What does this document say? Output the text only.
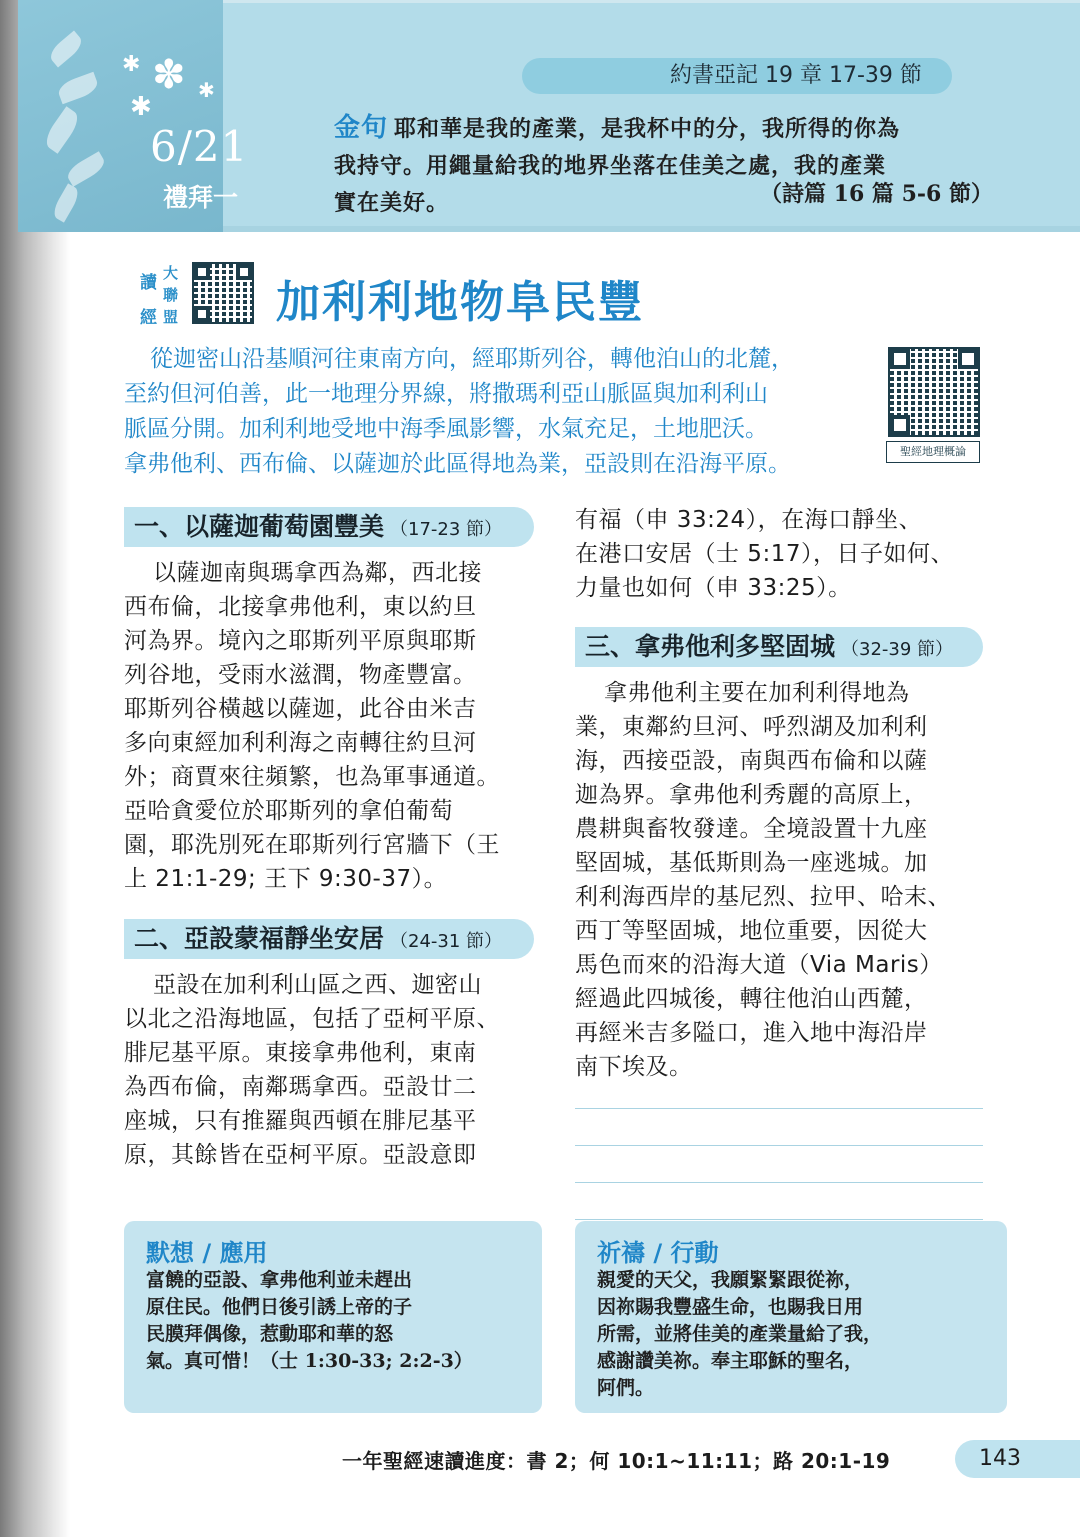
✽
✱
✱
✱
6/21
禮拜一
約書亞記 19 章 17-39 節
金句 耶和華是我的產業，是我杯中的分，我所得的你為
我持守。用繩量給我的地界坐落在佳美之處，我的產業
實在美好。	（詩篇 16 篇 5-6 節）
讀 大
聯
經 盟 加利利地物阜民豐
從迦密山沿基順河往東南方向，經耶斯列谷，轉他泊山的北麓，
至約但河伯善，此一地理分界線，將撒瑪利亞山脈區與加利利山
脈區分開。加利利地受地中海季風影響，水氣充足，土地肥沃。
拿弗他利、西布倫、以薩迦於此區得地為業，亞設則在沿海平原。	聖經地理概論
一、以薩迦葡萄園豐美 （17-23 節）
以薩迦南與瑪拿西為鄰，西北接
西布倫，北接拿弗他利，東以約旦
河為界。境內之耶斯列平原與耶斯
列谷地，受雨水滋潤，物產豐富。
耶斯列谷橫越以薩迦，此谷由米吉
多向東經加利利海之南轉往約旦河
外；商賈來往頻繁，也為軍事通道。
亞哈貪愛位於耶斯列的拿伯葡萄
園，耶洗別死在耶斯列行宮牆下（王
上 21:1-29; 王下 9:30-37）。
二、亞設蒙福靜坐安居 （24-31 節）
亞設在加利利山區之西、迦密山
以北之沿海地區，包括了亞柯平原、
腓尼基平原。東接拿弗他利，東南
為西布倫，南鄰瑪拿西。亞設廿二
座城，只有推羅與西頓在腓尼基平
原，其餘皆在亞柯平原。亞設意即
有福（申 33:24），在海口靜坐、
在港口安居（士 5:17），日子如何、
力量也如何（申 33:25）。
三、拿弗他利多堅固城 （32-39 節）
拿弗他利主要在加利利得地為
業，東鄰約旦河、呼烈湖及加利利
海，西接亞設，南與西布倫和以薩
迦為界。拿弗他利秀麗的高原上，
農耕與畜牧發達。全境設置十九座
堅固城，基低斯則為一座逃城。加
利利海西岸的基尼烈、拉甲、哈末、
西丁等堅固城，地位重要，因從大
馬色而來的沿海大道（Via Maris）
經過此四城後，轉往他泊山西麓，
再經米吉多隘口，進入地中海沿岸
南下埃及。
默想 / 應用
富饒的亞設、拿弗他利並未趕出
原住民。他們日後引誘上帝的子
民膜拜偶像，惹動耶和華的怒
氣。真可惜！（士 1:30-33; 2:2-3）
祈禱 / 行動
親愛的天父，我願緊緊跟從祢，
因祢賜我豐盛生命，也賜我日用
所需，並將佳美的產業量給了我，
感謝讚美祢。奉主耶穌的聖名，
阿們。
一年聖經速讀進度：書 2；何 10:1~11:11；路 20:1-19	143
